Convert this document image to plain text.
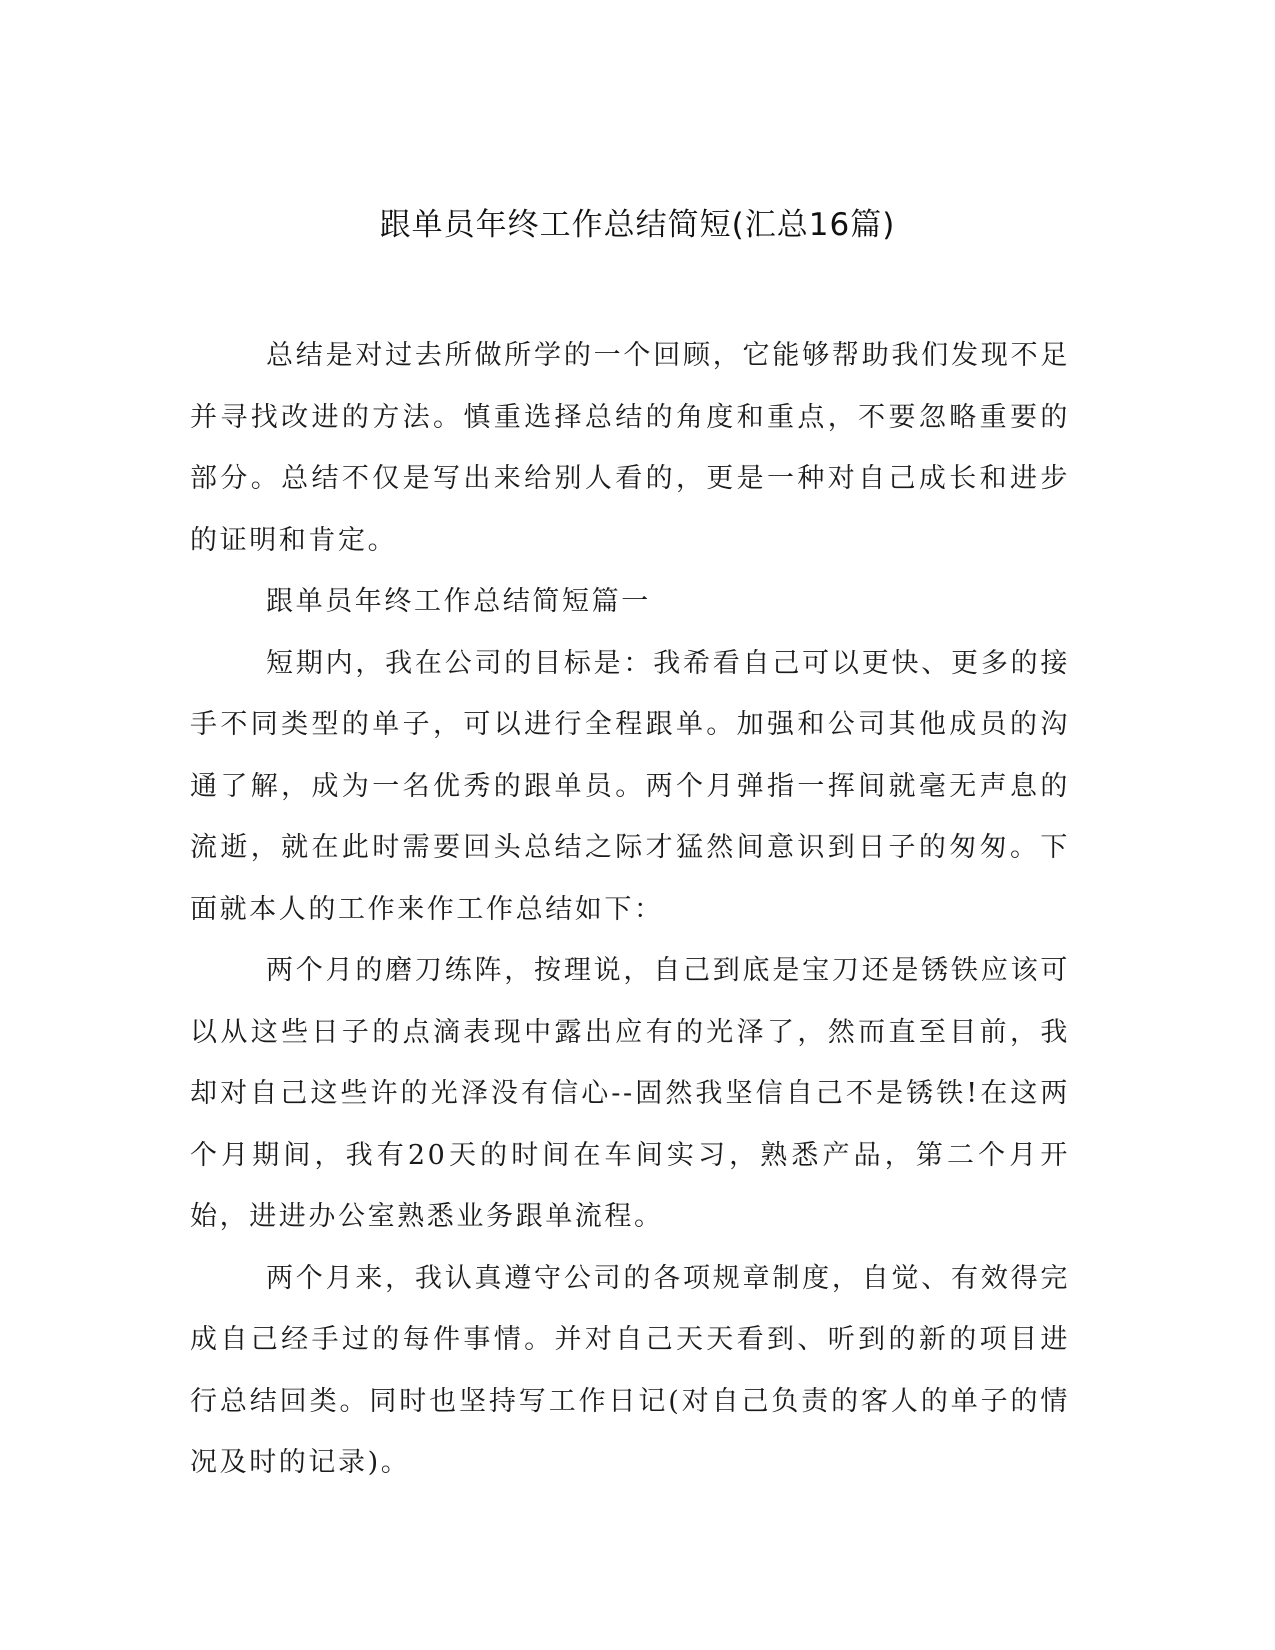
跟单员年终工作总结简短(汇总16篇)

总结是对过去所做所学的一个回顾，它能够帮助我们发现不足并寻找改进的方法。慎重选择总结的角度和重点，不要忽略重要的部分。总结不仅是写出来给别人看的，更是一种对自己成长和进步的证明和肯定。

跟单员年终工作总结简短篇一

短期内，我在公司的目标是：我希看自己可以更快、更多的接手不同类型的单子，可以进行全程跟单。加强和公司其他成员的沟通了解，成为一名优秀的跟单员。两个月弹指一挥间就毫无声息的流逝，就在此时需要回头总结之际才猛然间意识到日子的匆匆。下面就本人的工作来作工作总结如下：

两个月的磨刀练阵，按理说，自己到底是宝刀还是锈铁应该可以从这些日子的点滴表现中露出应有的光泽了，然而直至目前，我却对自己这些许的光泽没有信心--固然我坚信自己不是锈铁!在这两个月期间，我有20天的时间在车间实习，熟悉产品，第二个月开始，进进办公室熟悉业务跟单流程。

两个月来，我认真遵守公司的各项规章制度，自觉、有效得完成自己经手过的每件事情。并对自己天天看到、听到的新的项目进行总结回类。同时也坚持写工作日记(对自己负责的客人的单子的情况及时的记录)。
